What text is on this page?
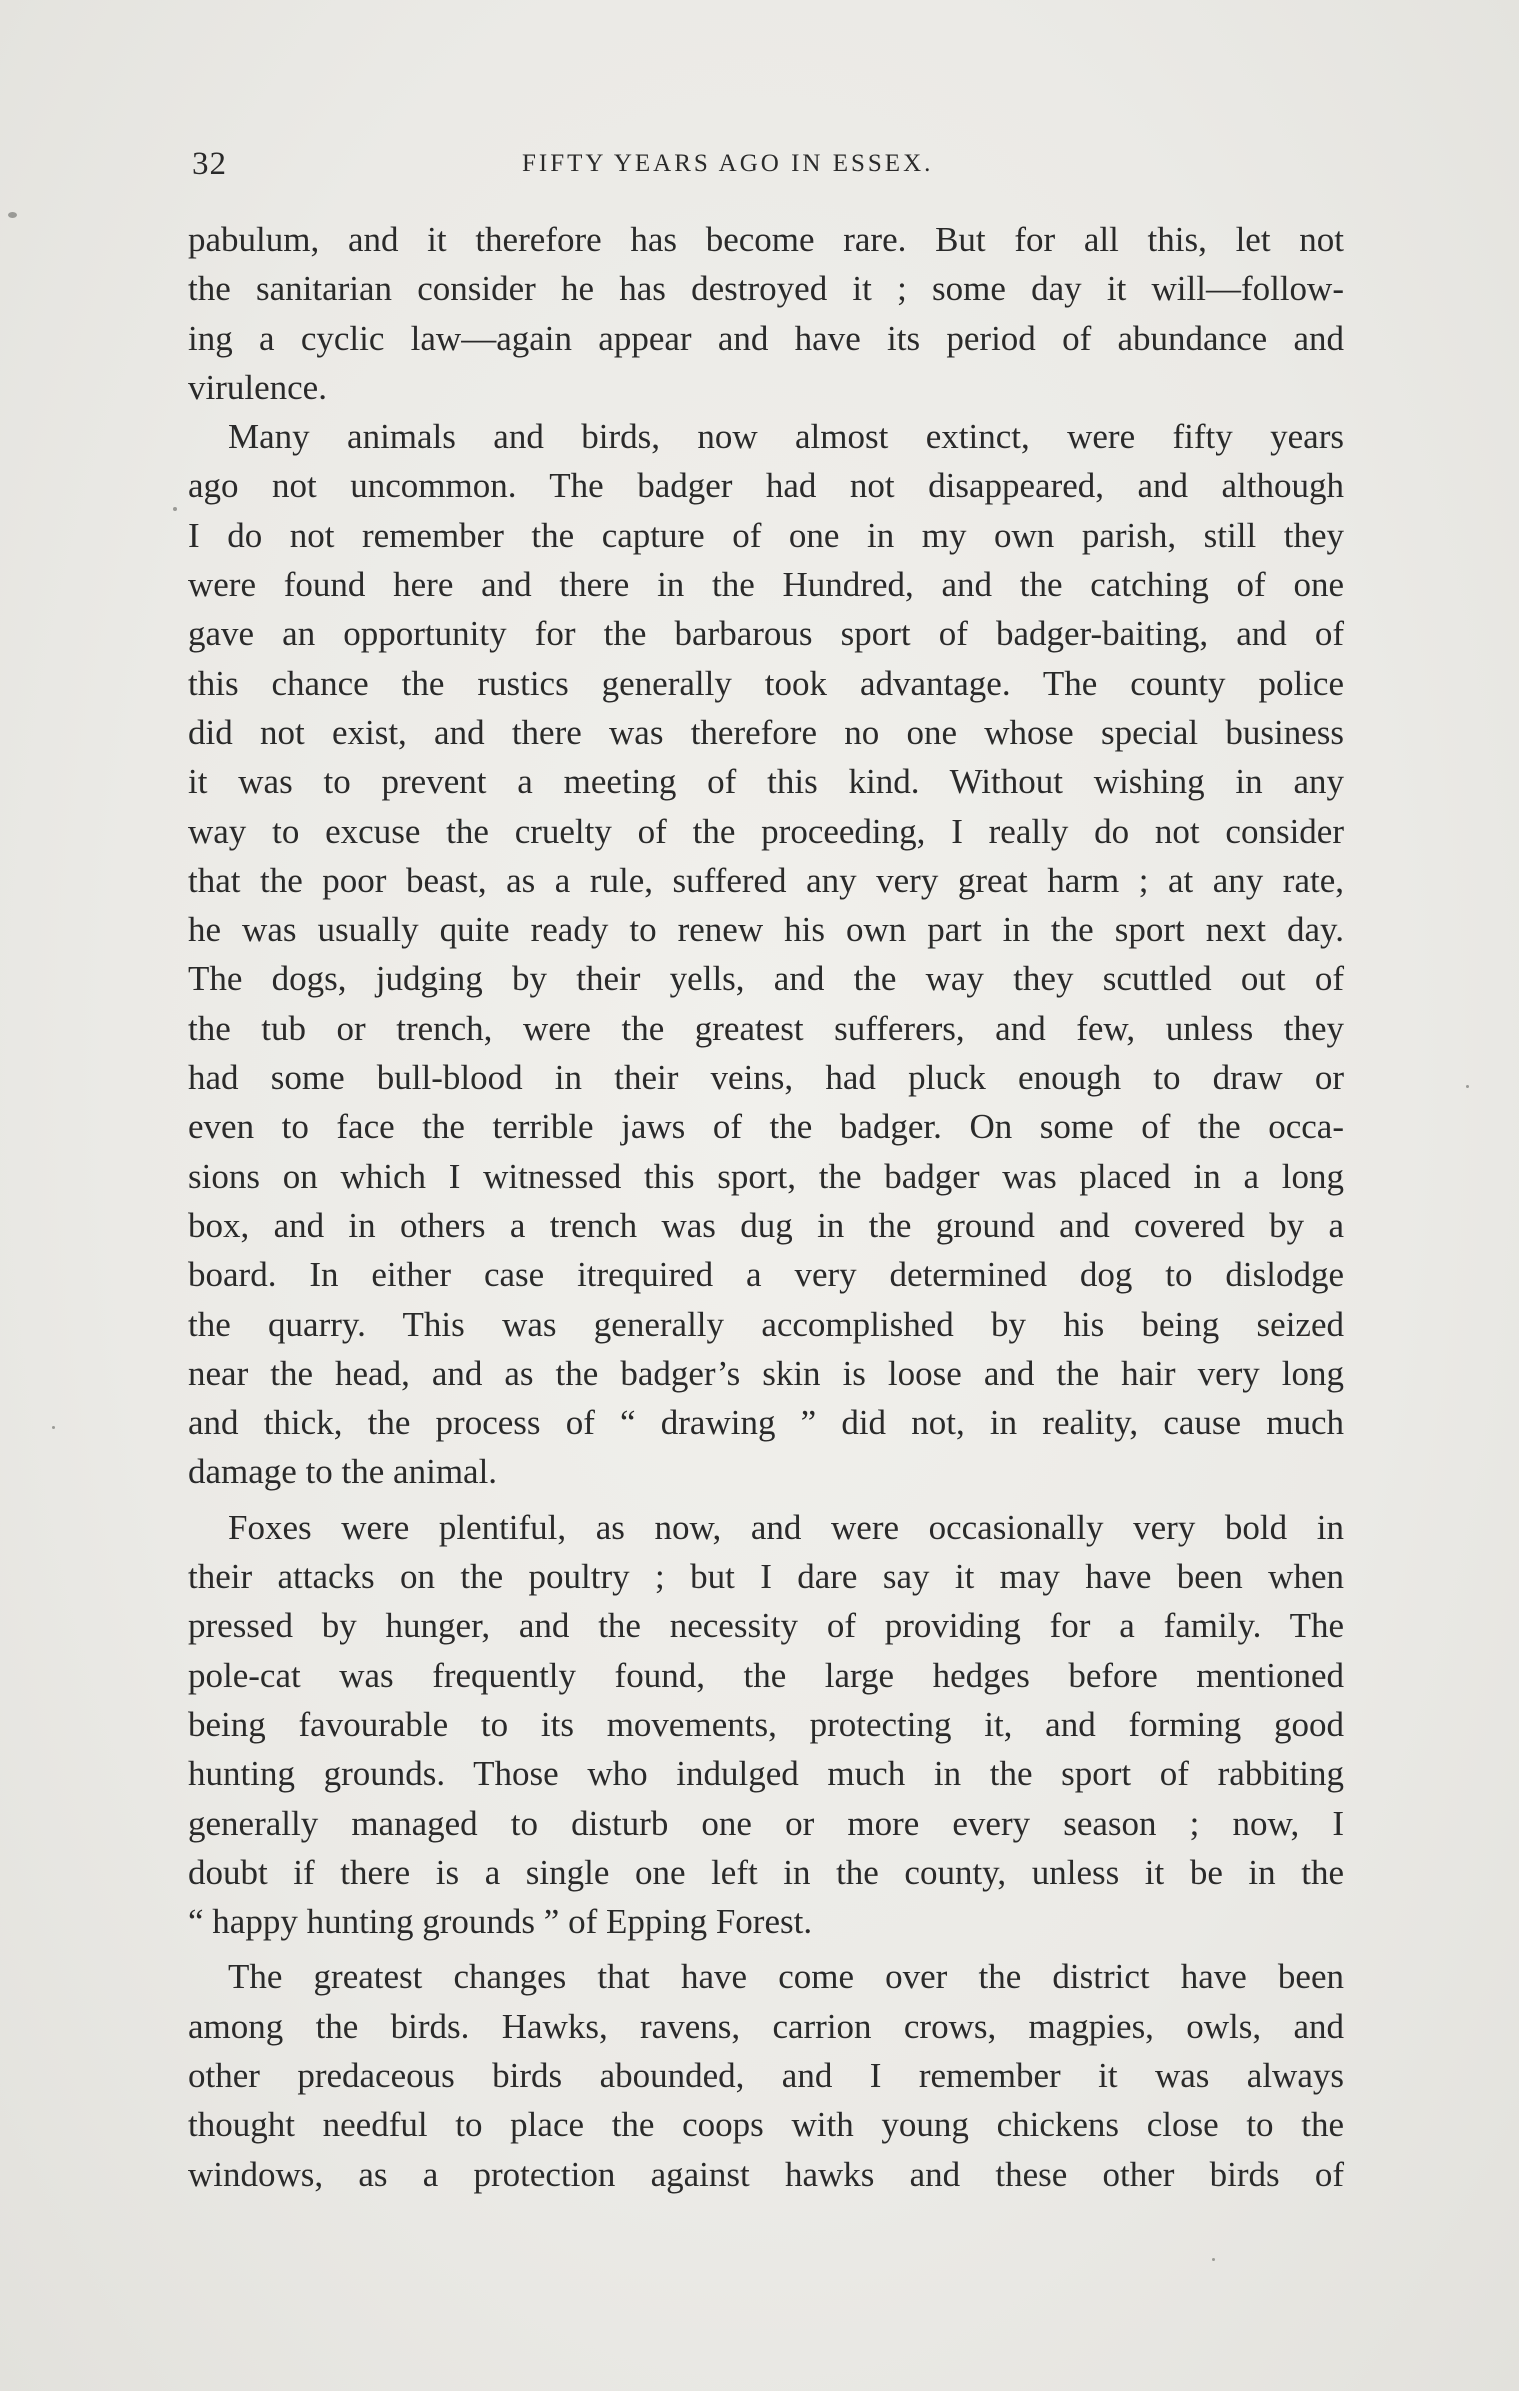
32	FIFTY YEARS AGO IN ESSEX.
pabulum, and it therefore has become rare. But for all this, let not
the sanitarian consider he has destroyed it ; some day it will—follow-
ing a cyclic law—again appear and have its period of abundance and
virulence.
Many animals and birds, now almost extinct, were fifty years
ago not uncommon. The badger had not disappeared, and although
I do not remember the capture of one in my own parish, still they
were found here and there in the Hundred, and the catching of one
gave an opportunity for the barbarous sport of badger-baiting, and of
this chance the rustics generally took advantage. The county police
did not exist, and there was therefore no one whose special business
it was to prevent a meeting of this kind. Without wishing in any
way to excuse the cruelty of the proceeding, I really do not consider
that the poor beast, as a rule, suffered any very great harm ; at any rate,
he was usually quite ready to renew his own part in the sport next day.
The dogs, judging by their yells, and the way they scuttled out of
the tub or trench, were the greatest sufferers, and few, unless they
had some bull-blood in their veins, had pluck enough to draw or
even to face the terrible jaws of the badger. On some of the occa-
sions on which I witnessed this sport, the badger was placed in a long
box, and in others a trench was dug in the ground and covered by a
board. In either case itrequired a very determined dog to dislodge
the quarry. This was generally accomplished by his being seized
near the head, and as the badger’s skin is loose and the hair very long
and thick, the process of “ drawing ” did not, in reality, cause much
damage to the animal.
Foxes were plentiful, as now, and were occasionally very bold in
their attacks on the poultry ; but I dare say it may have been when
pressed by hunger, and the necessity of providing for a family. The
pole-cat was frequently found, the large hedges before mentioned
being favourable to its movements, protecting it, and forming good
hunting grounds. Those who indulged much in the sport of rabbiting
generally managed to disturb one or more every season ; now, I
doubt if there is a single one left in the county, unless it be in the
“ happy hunting grounds ” of Epping Forest.
The greatest changes that have come over the district have been
among the birds. Hawks, ravens, carrion crows, magpies, owls, and
other predaceous birds abounded, and I remember it was always
thought needful to place the coops with young chickens close to the
windows, as a protection against hawks and these other birds of
